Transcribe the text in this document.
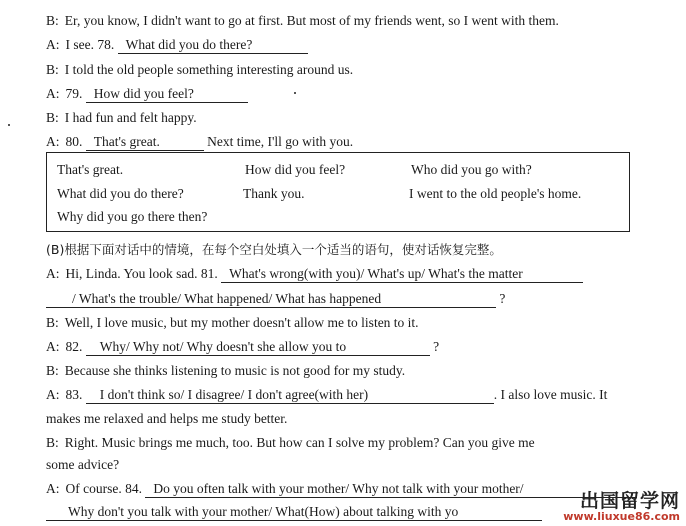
B: Er, you know, I didn't want to go at first. But most of my friends went, so I went with them.
A: I see. 78. What did you do there?
B: I told the old people something interesting around us.
A: 79. How did you feel?
B: I had fun and felt happy.
A: 80. That's great.	Next time, I'll go with you.
That's great.	How did you feel?	Who did you go with?
What did you do there?	Thank you.	I went to the old people's home.
Why did you go there then?
(B)根据下面对话中的情境，在每个空白处填入一个适当的语句，使对话恢复完整。
A: Hi, Linda. You look sad. 81. What's wrong(with you)/ What's up/ What's the matter
/ What's the trouble/ What happened/ What has happened	?
B: Well, I love music, but my mother doesn't allow me to listen to it.
A: 82. Why/ Why not/ Why doesn't she allow you to	?
B: Because she thinks listening to music is not good for my study.
A: 83. I don't think so/ I disagree/ I don't agree(with her)	. I also love music. It
makes me relaxed and helps me study better.
B: Right. Music brings me much, too. But how can I solve my problem? Can you give me
some advice?
A: Of course. 84. Do you often talk with your mother/ Why not talk with your mother/
Why don't you talk with your mother/ What(How) about talking with yo	出国留学网
www.liuxue86.com
